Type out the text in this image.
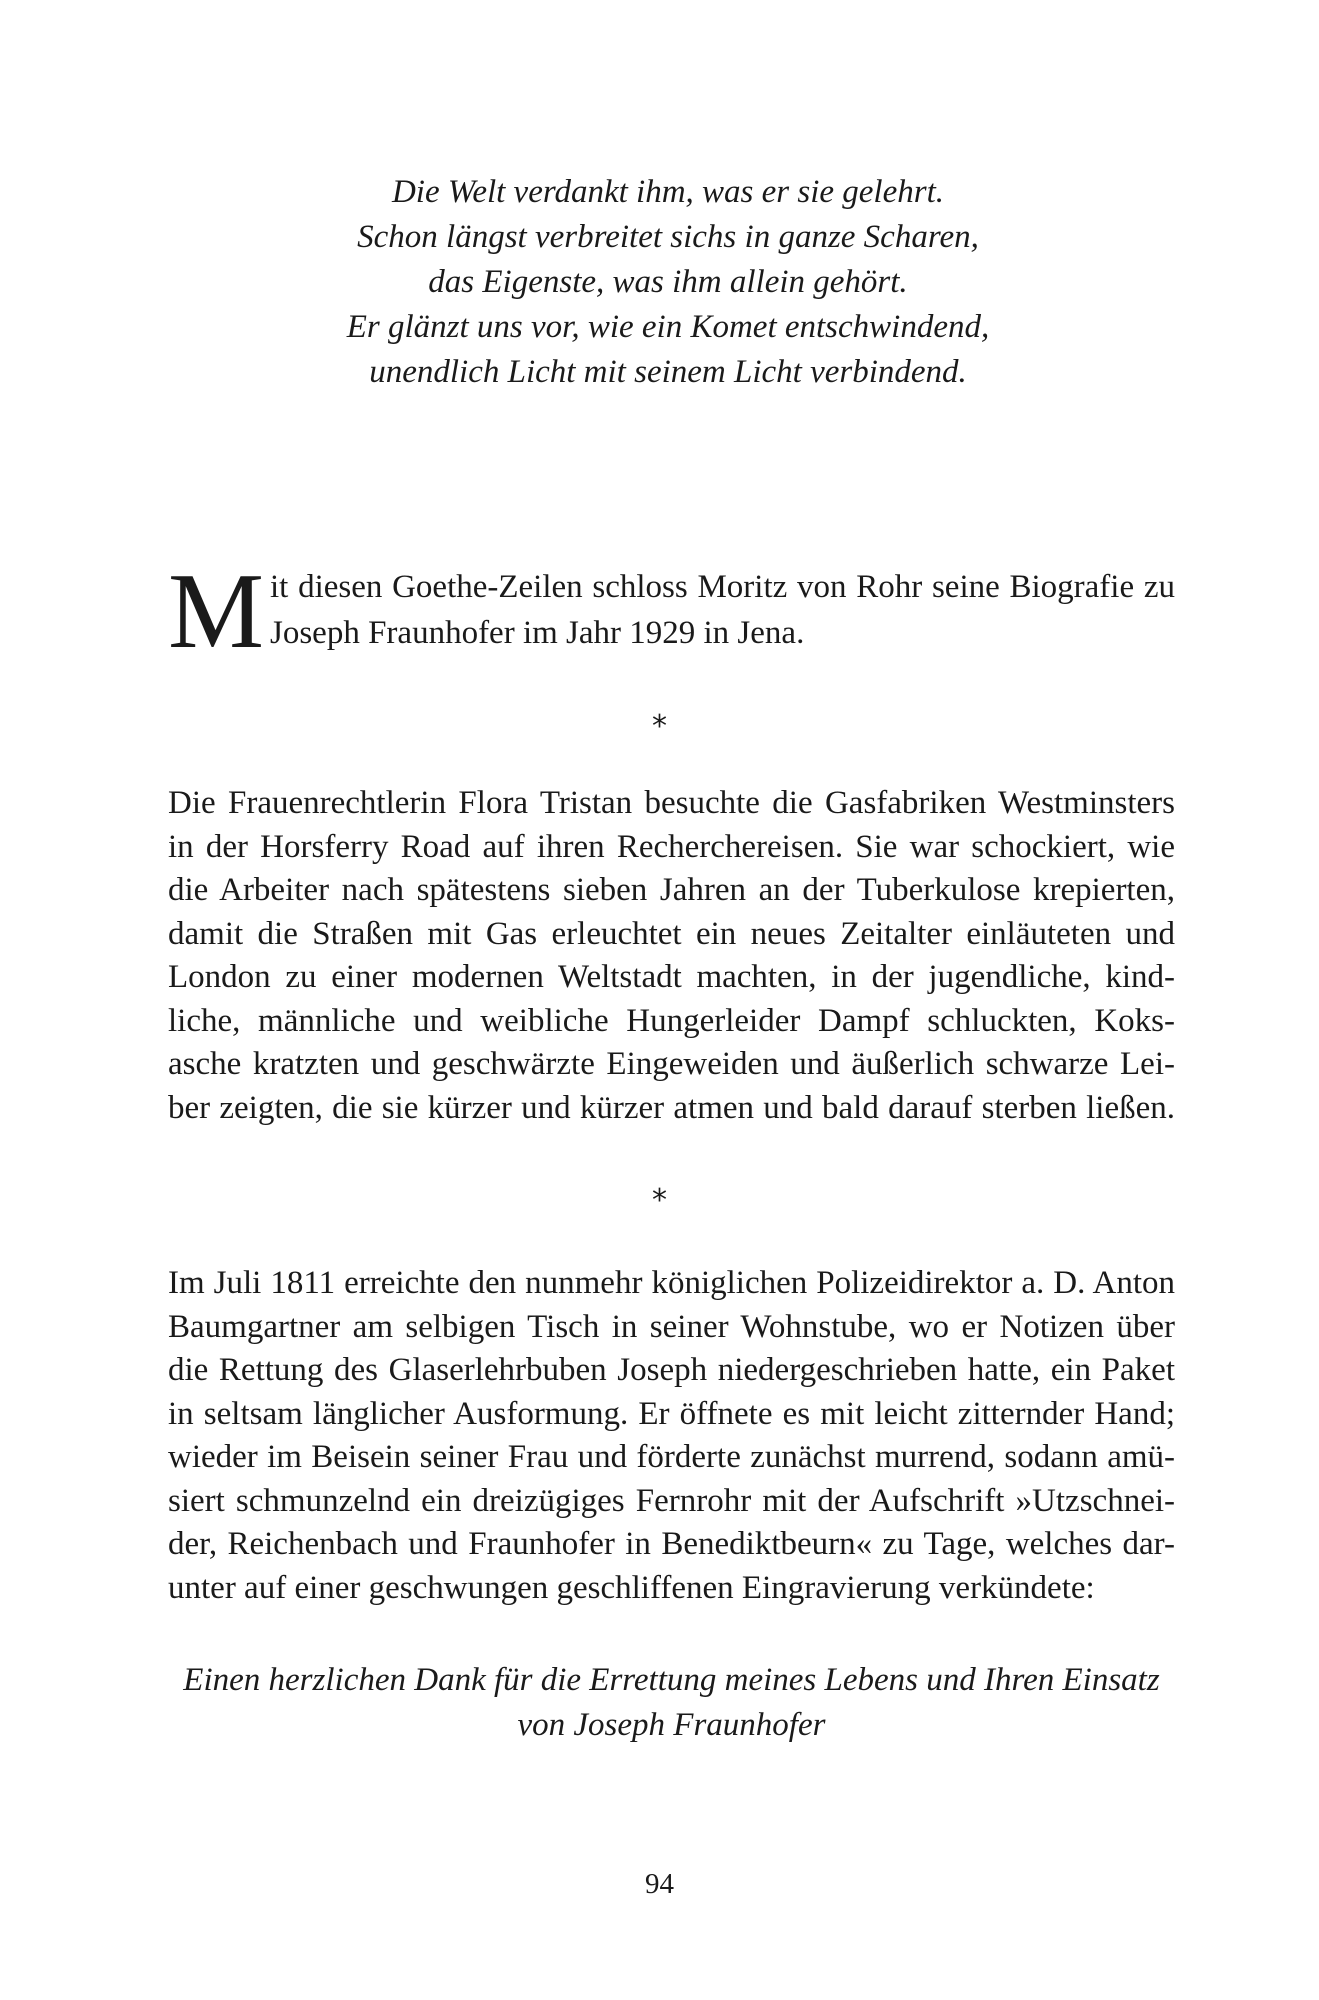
Die Welt verdankt ihm, was er sie gelehrt.
Schon längst verbreitet sichs in ganze Scharen,
das Eigenste, was ihm allein gehört.
Er glänzt uns vor, wie ein Komet entschwindend,
unendlich Licht mit seinem Licht verbindend.
M it diesen Goethe-Zeilen schloss Moritz von Rohr seine Biografie zu
Joseph Fraunhofer im Jahr 1929 in Jena.
*
Die Frauenrechtlerin Flora Tristan besuchte die Gasfabriken Westminsters
in der Horsferry Road auf ihren Recherchereisen. Sie war schockiert, wie
die Arbeiter nach spätestens sieben Jahren an der Tuberkulose krepierten,
damit die Straßen mit Gas erleuchtet ein neues Zeitalter einläuteten und
London zu einer modernen Weltstadt machten, in der jugendliche, kind-
liche, männliche und weibliche Hungerleider Dampf schluckten, Koks-
asche kratzten und geschwärzte Eingeweiden und äußerlich schwarze Lei-
ber zeigten, die sie kürzer und kürzer atmen und bald darauf sterben ließen.
*
Im Juli 1811 erreichte den nunmehr königlichen Polizeidirektor a. D. Anton
Baumgartner am selbigen Tisch in seiner Wohnstube, wo er Notizen über
die Rettung des Glaserlehrbuben Joseph niedergeschrieben hatte, ein Paket
in seltsam länglicher Ausformung. Er öffnete es mit leicht zitternder Hand;
wieder im Beisein seiner Frau und förderte zunächst murrend, sodann amü-
siert schmunzelnd ein dreizügiges Fernrohr mit der Aufschrift »Utzschnei-
der, Reichenbach und Fraunhofer in Benediktbeurn« zu Tage, welches dar-
unter auf einer geschwungen geschliffenen Eingravierung verkündete:
Einen herzlichen Dank für die Errettung meines Lebens und Ihren Einsatz
von Joseph Fraunhofer
94
